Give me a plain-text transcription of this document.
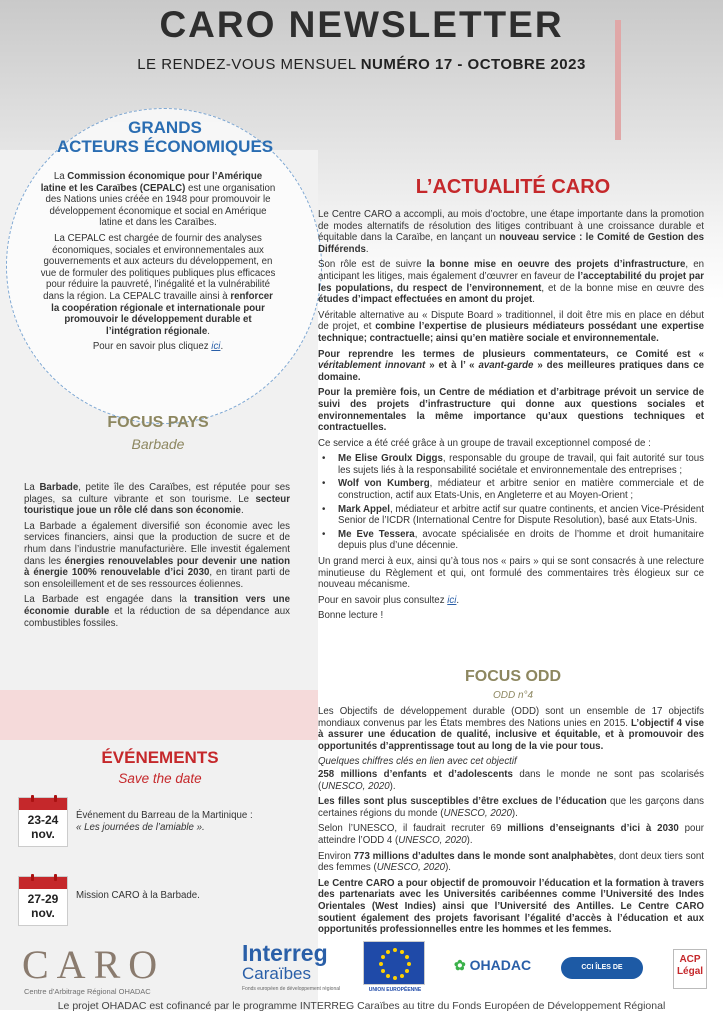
CARO NEWSLETTER
LE RENDEZ-VOUS MENSUEL NUMÉRO 17 - OCTOBRE 2023
GRANDS
ACTEURS ÉCONOMIQUES

La Commission économique pour l’Amérique latine et les Caraïbes (CEPALC) est une organisation des Nations unies créée en 1948 pour promouvoir le développement économique et social en Amérique latine et dans les Caraïbes.

La CEPALC est chargée de fournir des analyses économiques, sociales et environnementales aux gouvernements et aux acteurs du développement, en vue de formuler des politiques publiques plus efficaces pour réduire la pauvreté, l’inégalité et la vulnérabilité dans la région. La CEPALC travaille ainsi à renforcer la coopération régionale et internationale pour promouvoir le développement durable et l’intégration régionale.

Pour en savoir plus cliquez ici.

FOCUS PAYS
Barbade

La Barbade, petite île des Caraïbes, est réputée pour ses plages, sa culture vibrante et son tourisme. Le secteur touristique joue un rôle clé dans son économie.

La Barbade a également diversifié son économie avec les services financiers, ainsi que la production de sucre et de rhum dans l’industrie manufacturière. Elle investit également dans les énergies renouvelables pour devenir une nation à énergie 100% renouvelable d’ici 2030, en tirant parti de son ensoleillement et de ses ressources éoliennes.

La Barbade est engagée dans la transition vers une économie durable et la réduction de sa dépendance aux combustibles fossiles.

ÉVÉNEMENTS
Save the date
23-24
nov.
Événement du Barreau de la Martinique :
« Les journées de l’amiable ».
27-29
nov.
Mission CARO à la Barbade.
L’ACTUALITÉ CARO

Le Centre CARO a accompli, au mois d’octobre, une étape importante dans la promotion de modes alternatifs de résolution des litiges contribuant à une croissance durable et équitable dans la Caraïbe, en lançant un nouveau service : le Comité de Gestion des Différends.

Son rôle est de suivre la bonne mise en oeuvre des projets d’infrastructure, en anticipant les litiges, mais également d’œuvrer en faveur de l’acceptabilité du projet par les populations, du respect de l’environnement, et de la bonne mise en œuvre des études d’impact effectuées en amont du projet.

Véritable alternative au « Dispute Board » traditionnel, il doit être mis en place en début de projet, et combine l’expertise de plusieurs médiateurs possédant une expertise technique; contractuelle; ainsi qu’en matière sociale et environnementale.

Pour reprendre les termes de plusieurs commentateurs, ce Comité est « véritablement innovant » et à l’ « avant-garde » des meilleures pratiques dans ce domaine.

Pour la première fois, un Centre de médiation et d’arbitrage prévoit un service de suivi des projets d’infrastructure qui donne aux questions sociales et environnementales la même importance qu’aux questions techniques et contractuelles.

Ce service a été créé grâce à un groupe de travail exceptionnel composé de :

• Me Elise Groulx Diggs, responsable du groupe de travail, qui fait autorité sur tous les sujets liés à la responsabilité sociétale et environnementale des entreprises ;
• Wolf von Kumberg, médiateur et arbitre senior en matière commerciale et de construction, actif aux Etats-Unis, en Angleterre et au Moyen-Orient ;
• Mark Appel, médiateur et arbitre actif sur quatre continents, et ancien Vice-Président Senior de l’ICDR (International Centre for Dispute Resolution), basé aux Etats-Unis.
• Me Eve Tessera, avocate spécialisée en droits de l’homme et droit humanitaire depuis plus d’une décennie.

Un grand merci à eux, ainsi qu’à tous nos « pairs » qui se sont consacrés à une relecture minutieuse du Règlement et qui, ont formulé des commentaires très élogieux sur ce nouveau mécanisme.

Pour en savoir plus consultez ici.

Bonne lecture !

FOCUS ODD
ODD n°4

Les Objectifs de développement durable (ODD) sont un ensemble de 17 objectifs mondiaux convenus par les États membres des Nations unies en 2015. L’objectif 4 vise à assurer une éducation de qualité, inclusive et équitable, et à promouvoir des opportunités d’apprentissage tout au long de la vie pour tous.

Quelques chiffres clés en lien avec cet objectif

258 millions d’enfants et d’adolescents dans le monde ne sont pas scolarisés (UNESCO, 2020).

Les filles sont plus susceptibles d’être exclues de l’éducation que les garçons dans certaines régions du monde (UNESCO, 2020).

Selon l’UNESCO, il faudrait recruter 69 millions d’enseignants d’ici à 2030 pour atteindre l’ODD 4 (UNESCO, 2020).

Environ 773 millions d’adultes dans le monde sont analphabètes, dont deux tiers sont des femmes (UNESCO, 2020).

Le Centre CARO a pour objectif de promouvoir l’éducation et la formation à travers des partenariats avec les Universités caribéennes comme l’Université des Indes Orientales (West Indies) ainsi que l’Université des Antilles. Le Centre CARO soutient également des projets favorisant l’égalité d’accès à l’éducation et aux opportunités professionnelles entre les hommes et les femmes.

CARO
Centre d’Arbitrage Régional OHADAC
Interreg
Caraïbes
Fonds européen de développement régional	UNION EUROPÉENNE
✿ OHADAC	CCI ÎLES DE GUADELOUPE
ACP Légal
Le projet OHADAC est cofinancé par le programme INTERREG Caraïbes au titre du Fonds Européen de Développement Régional
